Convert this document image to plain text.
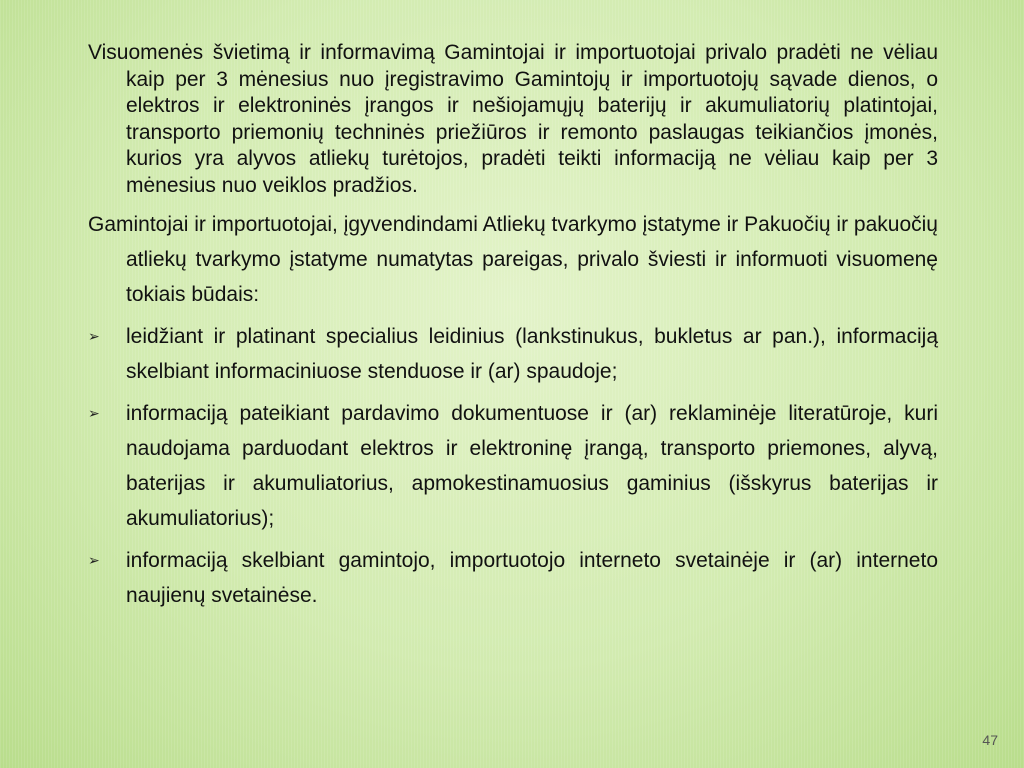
Visuomenės švietimą ir informavimą Gamintojai ir importuotojai privalo pradėti ne vėliau kaip per 3 mėnesius nuo įregistravimo Gamintojų ir importuotojų sąvade dienos, o elektros ir elektroninės įrangos ir nešiojamųjų baterijų ir akumuliatorių platintojai, transporto priemonių techninės priežiūros ir remonto paslaugas teikiančios įmonės, kurios yra alyvos atliekų turėtojos, pradėti teikti informaciją ne vėliau kaip per 3 mėnesius nuo veiklos pradžios.

Gamintojai ir importuotojai, įgyvendindami Atliekų tvarkymo įstatyme ir Pakuočių ir pakuočių atliekų tvarkymo įstatyme numatytas pareigas, privalo šviesti ir informuoti visuomenę tokiais būdais:

➢	leidžiant ir platinant specialius leidinius (lankstinukus, bukletus ar pan.), informaciją skelbiant informaciniuose stenduose ir (ar) spaudoje;
➢	informaciją pateikiant pardavimo dokumentuose ir (ar) reklaminėje literatūroje, kuri naudojama parduodant elektros ir elektroninę įrangą, transporto priemones, alyvą, baterijas ir akumuliatorius, apmokestinamuosius gaminius (išskyrus baterijas ir akumuliatorius);
➢	informaciją skelbiant gamintojo, importuotojo interneto svetainėje ir (ar) interneto naujienų svetainėse.
47
